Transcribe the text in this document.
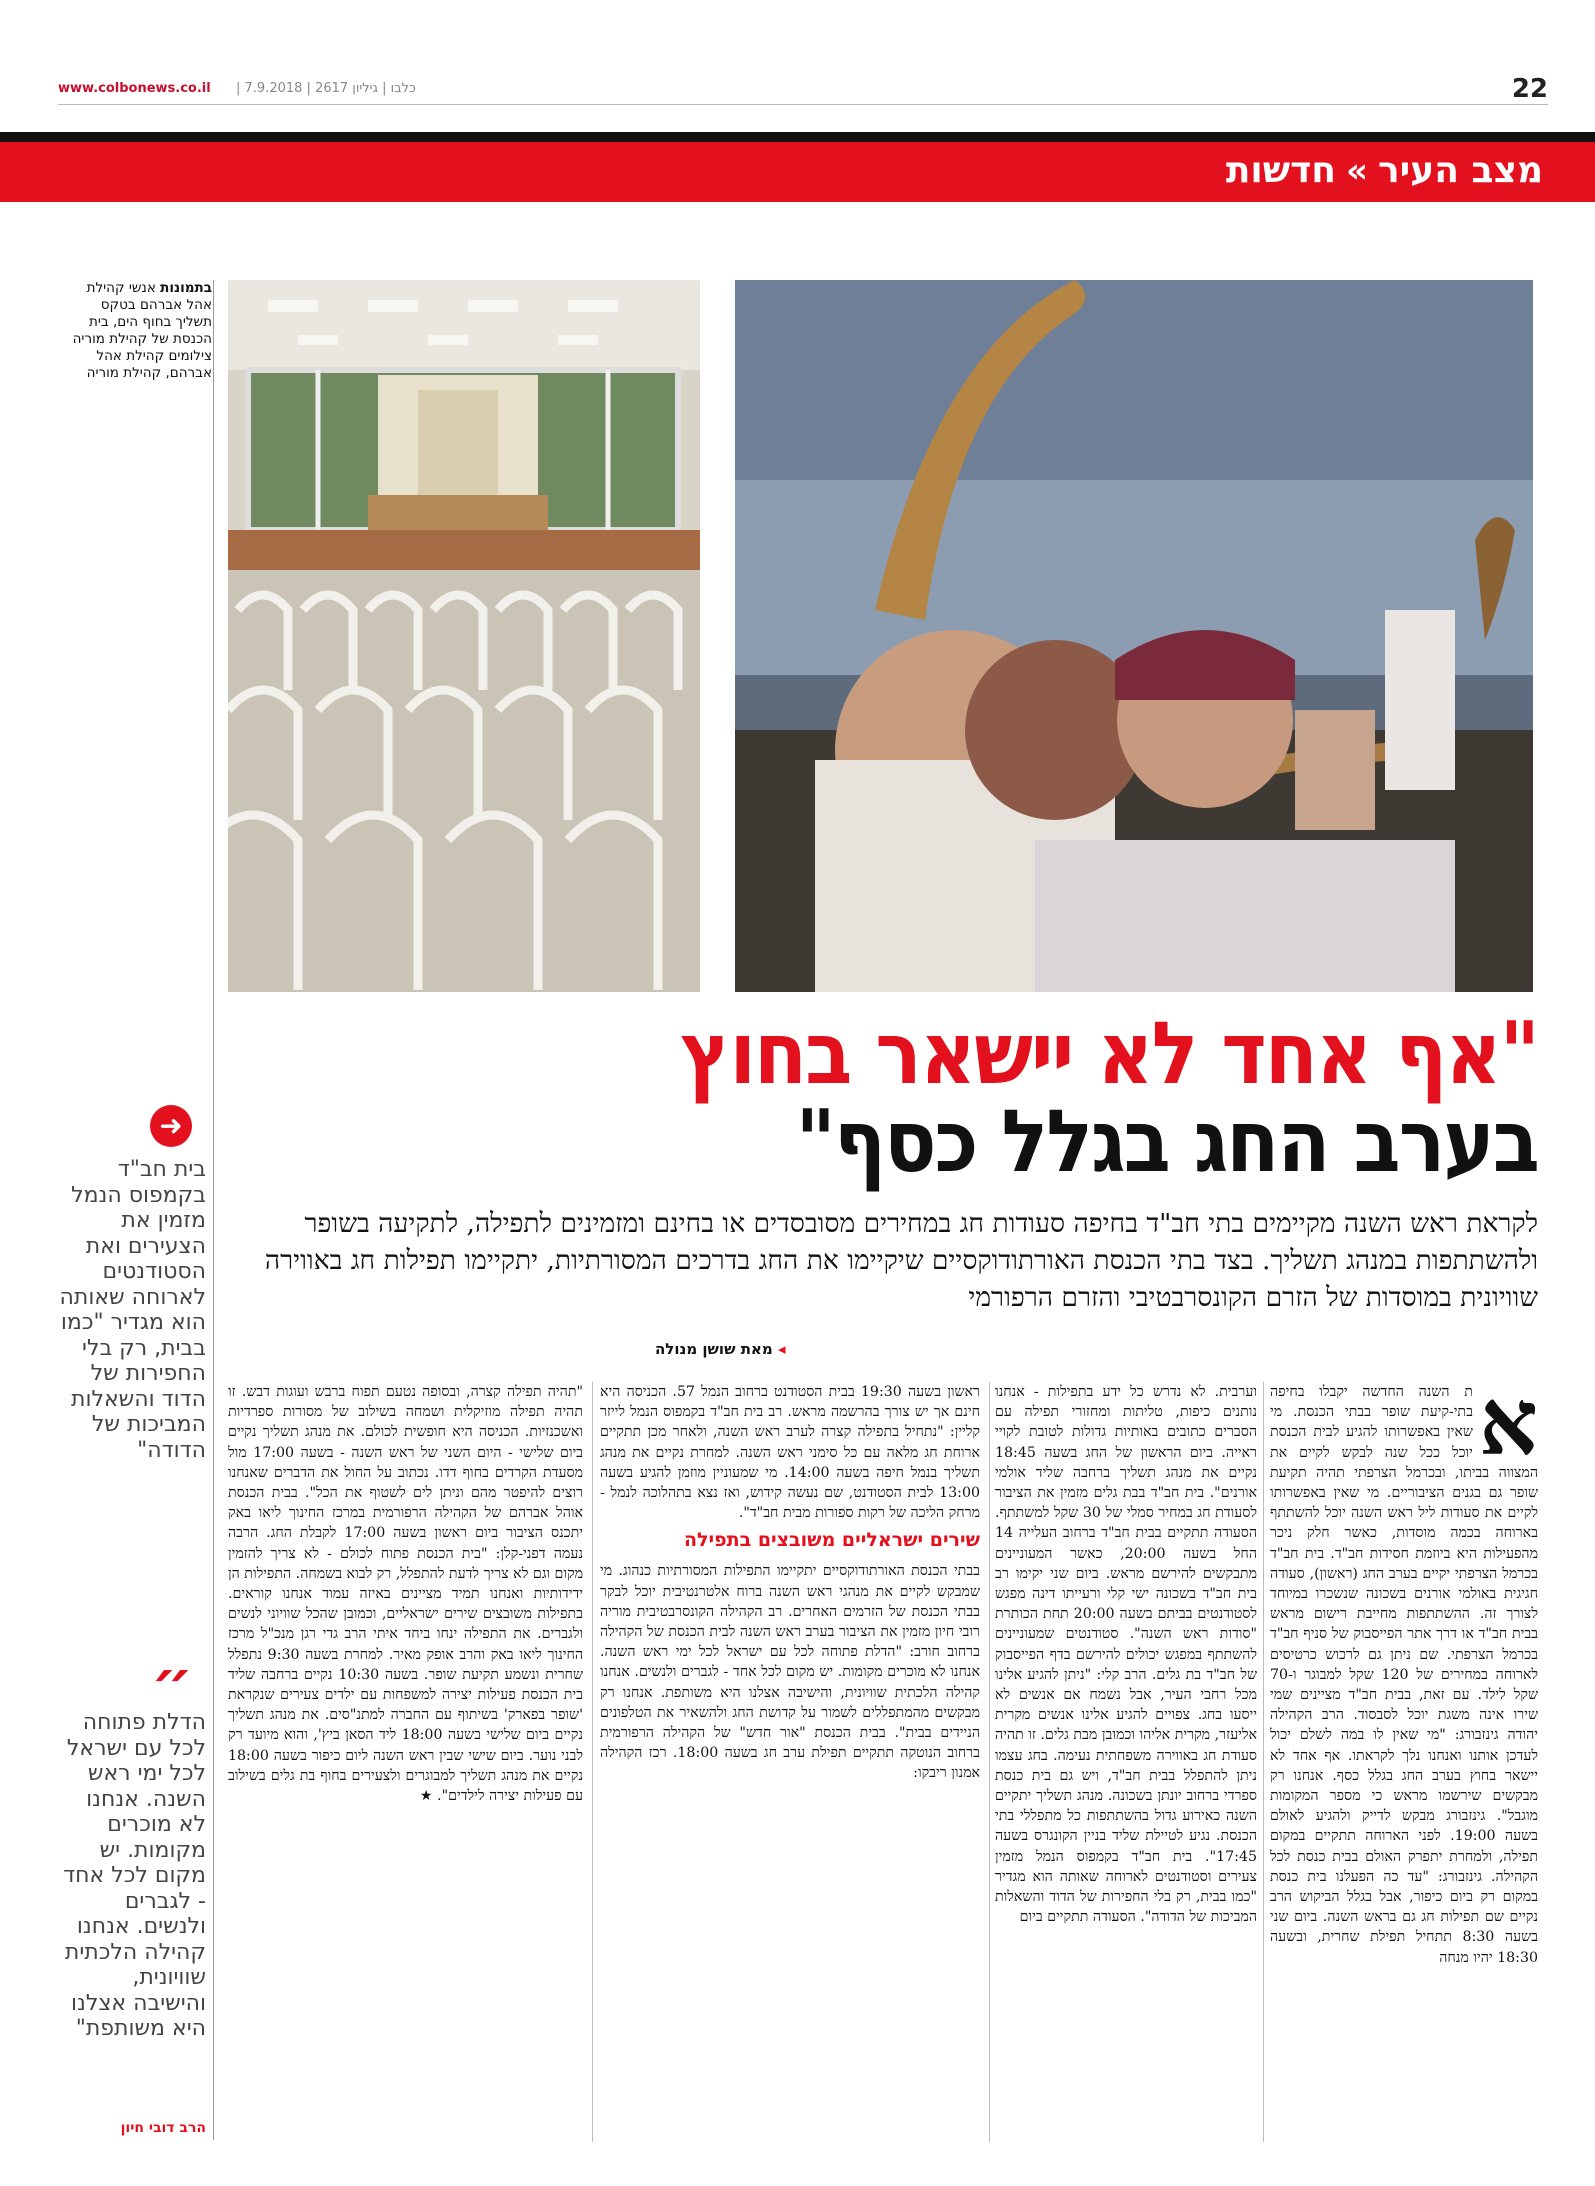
www.colbonews.co.il | כלבו | גיליון 2617 | 7.9.2018	22
מצב העיר
»
חדשות
בתמונות אנשי קהילת אהל אברהם בטקס תשליך בחוף הים, בית הכנסת של קהילת מוריה צילומים קהילת אהל אברהם, קהילת מוריה
"אף אחד לא יישאר בחוץ
בערב החג בגלל כסף"
לקראת ראש השנה מקיימים בתי חב"ד בחיפה סעודות חג במחירים מסובסדים או בחינם ומזמינים לתפילה, לתקיעה בשופר ולהשתתפות במנהג תשליך. בצד בתי הכנסת האורתודוקסיים שיקיימו את החג בדרכים המסורתיות, יתקיימו תפילות חג באווירה שוויונית במוסדות של הזרם הקונסרבטיבי והזרם הרפורמי
◂ מאת שושן מנולה
א

ת השנה החדשה יקבלו בחיפה בתי-קיעת שופר בבתי הכנסת. מי שאין באפשרותו להגיע לבית הכנסת יוכל ככל שנה לבקש לקיים את המצווה בביתו, ובכרמל הצרפתי תהיה תקיעת שופר גם בגנים הציבוריים. מי שאין באפשרותו לקיים את סעודות ליל ראש השנה יוכל להשתתף בארוחה בכמה מוסדות, כאשר חלק ניכר מהפעילות היא ביוזמת חסידות חב"ד. בית חב"ד בכרמל הצרפתי יקיים בערב החג (ראשון), סעודה חגיגית באולמי אורנים בשכונה שנשכרו במיוחד לצורך זה. ההשתתפות מחייבת רישום מראש בבית חב"ד או דרך אתר הפייסבוק של סניף חב"ד בכרמל הצרפתי. שם ניתן גם לרכוש כרטיסים לארוחה במחירים של 120 שקל למבוגר ו-70 שקל לילד. עם זאת, בבית חב"ד מציינים שמי שירו אינה משגת יוכל לסבסוד. הרב הקהילה יהודה גינזבורג: "מי שאין לו במה לשלם יכול לעדכן אותנו ואנחנו נלך לקראתו. אף אחד לא יישאר בחוץ בערב החג בגלל כסף. אנחנו רק מבקשים שירשמו מראש כי מספר המקומות מוגבל". גינזבורג מבקש לדייק ולהגיע לאולם בשעה 19:00. לפני הארוחה תתקיים במקום תפילה, ולמחרת יתפרק האולם בבית כנסת לכל הקהילה. גינזבורג: "עד כה הפעלנו בית כנסת במקום רק ביום כיפור, אבל בגלל הביקוש הרב נקיים שם תפילות חג גם בראש השנה. ביום שני בשעה 8:30 תתחיל תפילת שחרית, ובשעה 18:30 יהיו מנחה

וערבית. לא נדרש כל ידע בתפילות - אנחנו נותנים כיפות, טליתות ומחזורי תפילה עם הסברים כתובים באותיות גדולות לטובת לקויי ראייה. ביום הראשון של החג בשעה 18:45 נקיים את מנהג תשליך ברחבה שליד אולמי אורנים". בית חב"ד בבת גלים מזמין את הציבור לסעודת חג במחיר סמלי של 30 שקל למשתתף. הסעודה תתקיים בבית חב"ד ברחוב העלייה 14 החל בשעה 20:00, כאשר המעוניינים מתבקשים להירשם מראש. ביום שני יקימו רב בית חב"ד בשכונה ישי קלי ורעייתו דינה מפגש לסטודנטים בביתם בשעה 20:00 תחת הכותרת "סודות ראש השנה". סטודנטים שמעוניינים להשתתף במפגש יכולים להירשם בדף הפייסבוק של חב"ד בת גלים. הרב קלי: "ניתן להגיע אלינו מכל רחבי העיר, אבל נשמח אם אנשים לא ייסעו בחג. צפויים להגיע אלינו אנשים מקרית אליעזר, מקרית אליהו וכמובן מבת גלים. זו תהיה סעודת חג באווירה משפחתית נעימה. בחג עצמו ניתן להתפלל בבית חב"ד, ויש גם בית כנסת ספרדי ברחוב יונתן בשכונה. מנהג תשליך יתקיים השנה כאירוע גדול בהשתתפות כל מתפללי בתי הכנסת. נגיע לטיילת שליד בניין הקונגרס בשעה 17:45". בית חב"ד בקמפוס הנמל מזמין צעירים וסטודנטים לארוחה שאותה הוא מגדיר "כמו בבית, רק בלי החפירות של הדוד והשאלות המביכות של הדודה". הסעודה תתקיים ביום

ראשון בשעה 19:30 בבית הסטודנט ברחוב הנמל 57. הכניסה היא חינם אך יש צורך בהרשמה מראש. רב בית חב"ד בקמפוס הנמל לייזר קליין: "נתחיל בתפילה קצרה לערב ראש השנה, ולאחר מכן תתקיים ארוחת חג מלאה עם כל סימני ראש השנה. למחרת נקיים את מנהג תשליך בנמל חיפה בשעה 14:00. מי שמעוניין מוזמן להגיע בשעה 13:00 לבית הסטודנט, שם נעשה קידוש, ואז נצא בתהלוכה לנמל - מרחק הליכה של רקות ספורות מבית חב"ד".

שירים ישראליים משובצים בתפילה

בבתי הכנסת האורתודוקסיים יתקיימו התפילות המסורתיות כנהוג. מי שמבקש לקיים את מנהגי ראש השנה ברוח אלטרנטיבית יוכל לבקר בבתי הכנסת של הזרמים האחרים. רב הקהילה הקונסרבטיבית מוריה רובי חיון מזמין את הציבור בערב ראש השנה לבית הכנסת של הקהילה ברחוב חורב: "הדלת פתוחה לכל עם ישראל לכל ימי ראש השנה. אנחנו לא מוכרים מקומות. יש מקום לכל אחד - לגברים ולנשים. אנחנו קהילה הלכתית שוויונית, והישיבה אצלנו היא משותפת. אנחנו רק מבקשים מהמתפללים לשמור על קדושת החג ולהשאיר את הטלפונים הניידים בבית". בבית הכנסת "אור חדש" של הקהילה הרפורמית ברחוב הנוטקה תתקיים תפילת ערב חג בשעה 18:00. רכז הקהילה אמנון ריבקו:

"תהיה תפילה קצרה, ובסופה נטעם תפוח ברבש ועוגות דבש. זו תהיה תפילה מוזיקלית ושמחה בשילוב של מסורות ספרדיות ואשכנזיות. הכניסה היא חופשית לכולם. את מנהג תשליך נקיים ביום שלישי - היום השני של ראש השנה - בשעה 17:00 מול מסעדת הקרדים בחוף דדו. נכתוב על החול את הדברים שאנחנו רוצים להיפטר מהם וניתן לים לשטוף את הכל". בבית הכנסת אוהל אברהם של הקהילה הרפורמית במרכז החינוך ליאו באק יתכנס הציבור ביום ראשון בשעה 17:00 לקבלת החג. הרבה נעמה דפני-קלן: "בית הכנסת פתוח לכולם - לא צריך להזמין מקום וגם לא צריך לדעת להתפלל, רק לבוא בשמחה. התפילות הן ידידותיות ואנחנו תמיד מציינים באיזה עמוד אנחנו קוראים. בתפילות משובצים שירים ישראליים, וכמובן שהכל שוויוני לנשים ולגברים. את התפילה ינחו ביחד איתי הרב גדי רגן מנכ"ל מרכז החינוך ליאו באק והרב אופק מאיר. למחרת בשעה 9:30 נתפלל שחרית ונשמע תקיעת שופר. בשעה 10:30 נקיים ברחבה שליד בית הכנסת פעילות יצירה למשפחות עם ילדים צעירים שנקראת 'שופר בפארק' בשיתוף עם החברה למתנ"סים. את מנהג תשליך נקיים ביום שלישי בשעה 18:00 ליד הסאן ביץ', והוא מיועד רק לבני נוער. ביום שישי שבין ראש השנה ליום כיפור בשעה 18:00 נקיים את מנהג תשליך למבוגרים ולצעירים בחוף בת גלים בשילוב עם פעילות יצירה לילדים". ★

➜
בית חב"ד בקמפוס הנמל מזמין את הצעירים ואת הסטודנטים לארוחה שאותה הוא מגדיר "כמו בבית, רק בלי החפירות של הדוד והשאלות המביכות של הדודה"
״
הדלת פתוחה לכל עם ישראל לכל ימי ראש השנה. אנחנו לא מוכרים מקומות. יש מקום לכל אחד - לגברים ולנשים. אנחנו קהילה הלכתית שוויונית, והישיבה אצלנו היא משותפת"
הרב דובי חיון
